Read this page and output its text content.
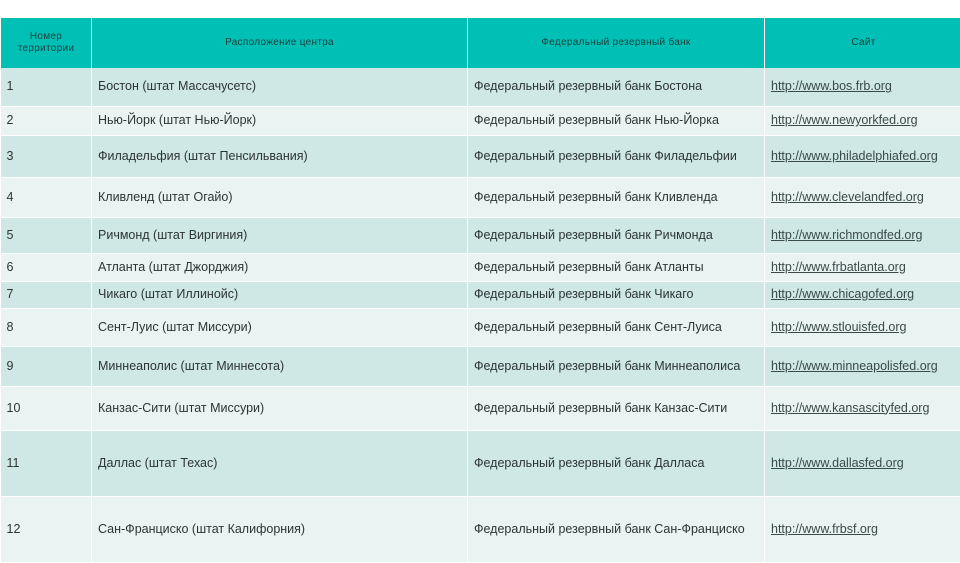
Номер территории	Расположение центра	Федеральный резервный банк	Сайт
1	Бостон (штат Массачусетс)	Федеральный резервный банк Бостона	http://www.bos.frb.org
2	Нью-Йорк (штат Нью-Йорк)	Федеральный резервный банк Нью-Йорка	http://www.newyorkfed.org
3	Филадельфия (штат Пенсильвания)	Федеральный резервный банк Филадельфии	http://www.philadelphiafed.org
4	Кливленд (штат Огайо)	Федеральный резервный банк Кливленда	http://www.clevelandfed.org
5	Ричмонд (штат Виргиния)	Федеральный резервный банк Ричмонда	http://www.richmondfed.org
6	Атланта (штат Джорджия)	Федеральный резервный банк Атланты	http://www.frbatlanta.org
7	Чикаго (штат Иллинойс)	Федеральный резервный банк Чикаго	http://www.chicagofed.org
8	Сент-Луис (штат Миссури)	Федеральный резервный банк Сент-Луиса	http://www.stlouisfed.org
9	Миннеаполис (штат Миннесота)	Федеральный резервный банк Миннеаполиса	http://www.minneapolisfed.org
10	Канзас-Сити (штат Миссури)	Федеральный резервный банк Канзас-Сити	http://www.kansascityfed.org
11	Даллас (штат Техас)	Федеральный резервный банк Далласа	http://www.dallasfed.org
12	Сан-Франциско (штат Калифорния)	Федеральный резервный банк Сан-Франциско	http://www.frbsf.org
